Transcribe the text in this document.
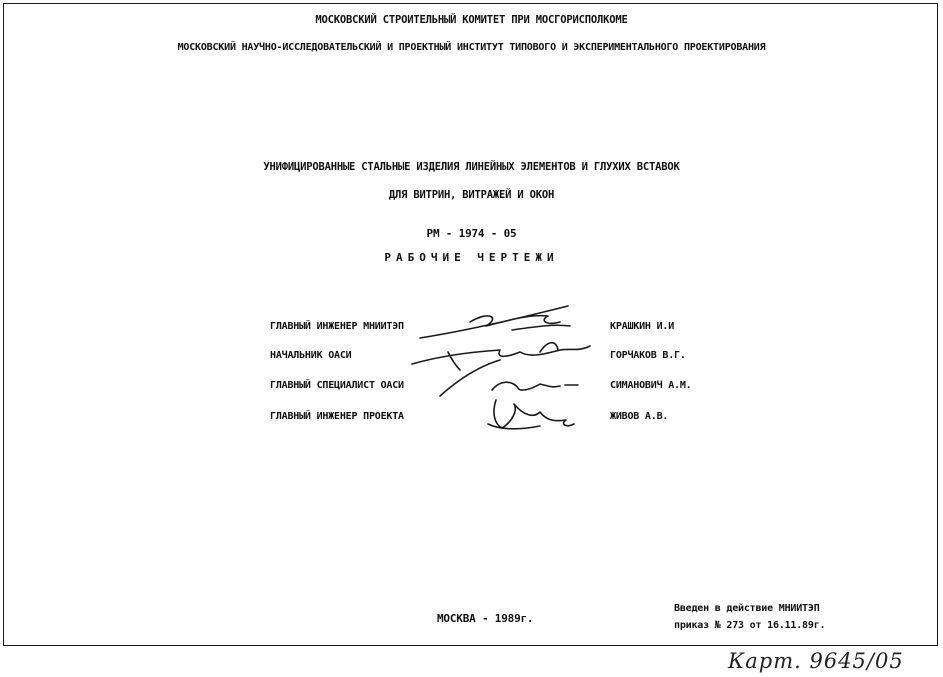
МОСКОВСКИЙ СТРОИТЕЛЬНЫЙ КОМИТЕТ ПРИ МОСГОРИСПОЛКОМЕ
МОСКОВСКИЙ НАУЧНО-ИССЛЕДОВАТЕЛЬСКИЙ И ПРОЕКТНЫЙ ИНСТИТУТ ТИПОВОГО И ЭКСПЕРИМЕНТАЛЬНОГО ПРОЕКТИРОВАНИЯ
УНИФИЦИРОВАННЫЕ СТАЛЬНЫЕ ИЗДЕЛИЯ ЛИНЕЙНЫХ ЭЛЕМЕНТОВ И ГЛУХИХ ВСТАВОК
ДЛЯ ВИТРИН, ВИТРАЖЕЙ И ОКОН
РМ - 1974 - 05
РАБОЧИЕ ЧЕРТЕЖИ
ГЛАВНЫЙ ИНЖЕНЕР МНИИТЭП	КРАШКИН И.И
НАЧАЛЬНИК ОАСИ	ГОРЧАКОВ В.Г.
ГЛАВНЫЙ СПЕЦИАЛИСТ ОАСИ	СИМАНОВИЧ А.М.
ГЛАВНЫЙ ИНЖЕНЕР ПРОЕКТА	ЖИВОВ А.В.
МОСКВА - 1989г.
Введен в действие МНИИТЭП
приказ № 273 от 16.11.89г.
Карт. 9645/05
